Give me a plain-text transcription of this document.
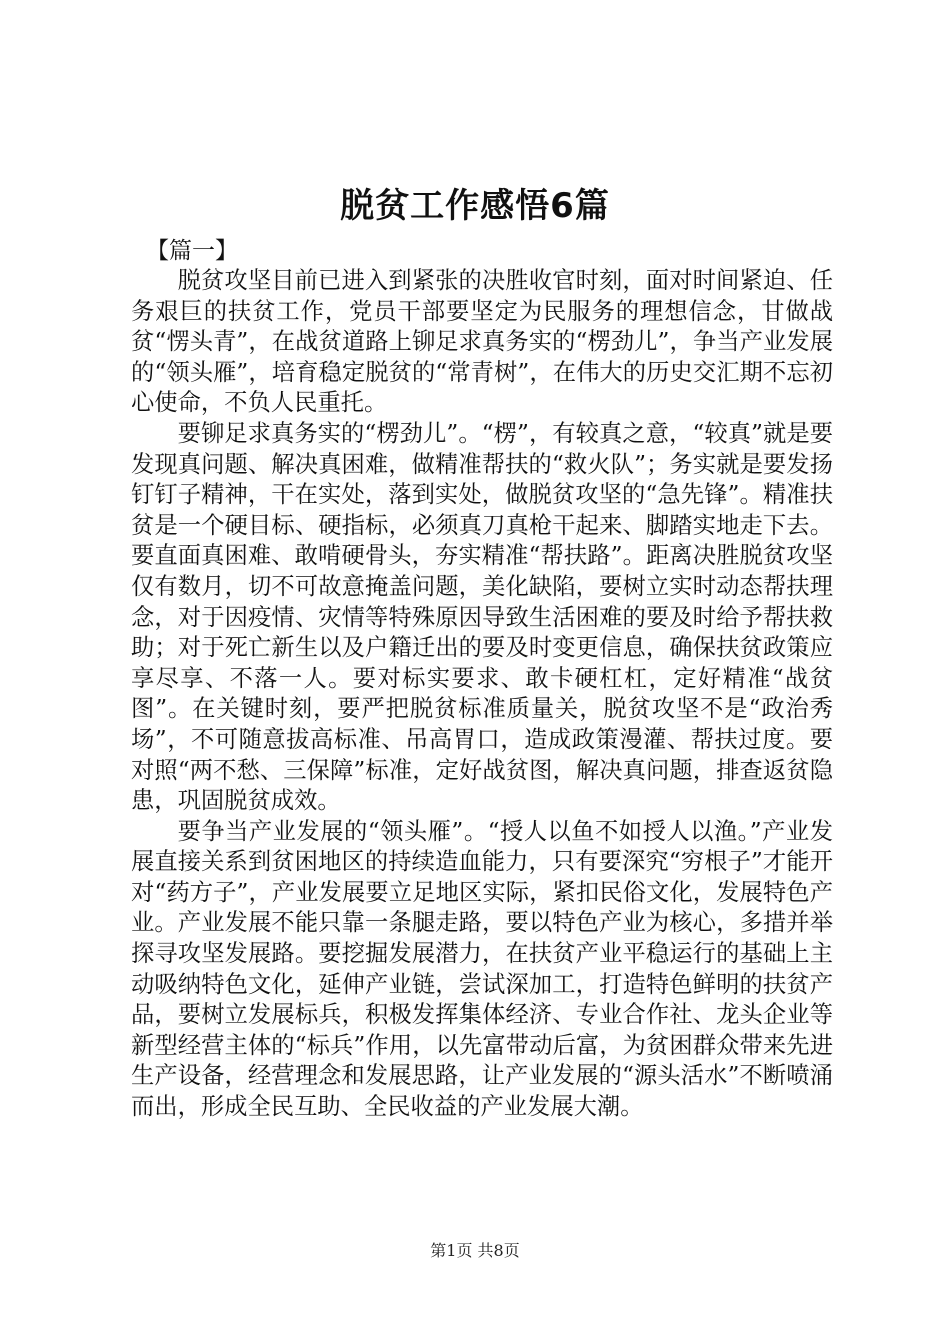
脱贫工作感悟6篇
【篇一】

脱贫攻坚目前已进入到紧张的决胜收官时刻，面对时间紧迫、任务艰巨的扶贫工作，党员干部要坚定为民服务的理想信念，甘做战贫“愣头青”，在战贫道路上铆足求真务实的“楞劲儿”，争当产业发展的“领头雁”，培育稳定脱贫的“常青树”，在伟大的历史交汇期不忘初心使命，不负人民重托。

要铆足求真务实的“楞劲儿”。“楞”，有较真之意，“较真”就是要发现真问题、解决真困难，做精准帮扶的“救火队”；务实就是要发扬钉钉子精神，干在实处，落到实处，做脱贫攻坚的“急先锋”。精准扶贫是一个硬目标、硬指标，必须真刀真枪干起来、脚踏实地走下去。要直面真困难、敢啃硬骨头，夯实精准“帮扶路”。距离决胜脱贫攻坚仅有数月，切不可故意掩盖问题，美化缺陷，要树立实时动态帮扶理念，对于因疫情、灾情等特殊原因导致生活困难的要及时给予帮扶救助；对于死亡新生以及户籍迁出的要及时变更信息，确保扶贫政策应享尽享、不落一人。要对标实要求、敢卡硬杠杠，定好精准“战贫图”。在关键时刻，要严把脱贫标准质量关，脱贫攻坚不是“政治秀场”，不可随意拔高标准、吊高胃口，造成政策漫灌、帮扶过度。要对照“两不愁、三保障”标准，定好战贫图，解决真问题，排查返贫隐患，巩固脱贫成效。

要争当产业发展的“领头雁”。“授人以鱼不如授人以渔。”产业发展直接关系到贫困地区的持续造血能力，只有要深究“穷根子”才能开对“药方子”，产业发展要立足地区实际，紧扣民俗文化，发展特色产业。产业发展不能只靠一条腿走路，要以特色产业为核心，多措并举探寻攻坚发展路。要挖掘发展潜力，在扶贫产业平稳运行的基础上主动吸纳特色文化，延伸产业链，尝试深加工，打造特色鲜明的扶贫产品，要树立发展标兵，积极发挥集体经济、专业合作社、龙头企业等新型经营主体的“标兵”作用，以先富带动后富，为贫困群众带来先进生产设备，经营理念和发展思路，让产业发展的“源头活水”不断喷涌而出，形成全民互助、全民收益的产业发展大潮。

第1页 共8页
